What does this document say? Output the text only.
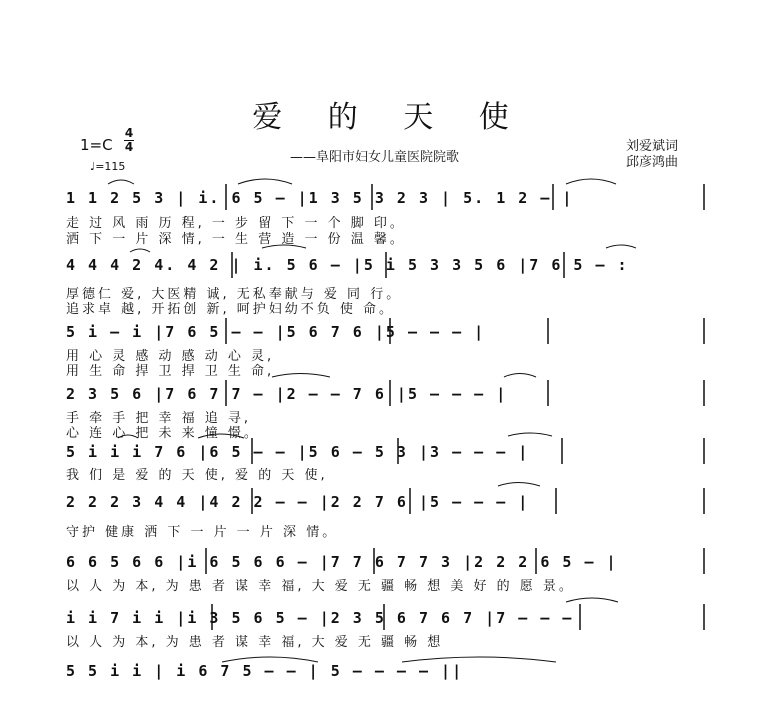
爱 的 天 使
——阜阳市妇女儿童医院院歌
1=C
4
4
♩=115
刘爱斌词
邱彦鸿曲
1 1 2 5 3 | i. 6 5 – |1 3 5 3 2 3 | 5. 1 2 – |
走 过 风 雨 历 程, 一 步 留 下 一 个 脚 印。
洒 下 一 片 深 情, 一 生 营 造 一 份 温 馨。
4 4 4 2 4. 4 2 | i. 5 6 – |5 i 5 3 3 5 6 |7 6 5 – :
厚德仁 爱, 大医精 诚, 无私奉献与 爱 同 行。
追求卓 越, 开拓创 新, 呵护妇幼不负 使 命。
5 i – i |7 6 5 – – |5 6 7 6 |5 – – – |
用 心 灵 感 动 感 动 心 灵,
用 生 命 捍 卫 捍 卫 生 命,
2 3 5 6 |7 6 7 7 – |2 – – 7 6 |5 – – – |
手 牵 手 把 幸 福 追 寻,
心 连 心 把 未 来 憧 憬。
5 i i i 7 6 |6 5 – – |5 6 – 5 3 |3 – – – |
我 们 是 爱 的 天 使, 爱 的 天 使,
2 2 2 3 4 4 |4 2 2 – – |2 2 7 6 |5 – – – |
守护 健康 洒 下 一 片 一 片 深 情。
6 6 5 6 6 |i 6 5 6 6 – |7 7 6 7 7 3 |2 2 2 6 5 – |
以 人 为 本, 为 患 者 谋 幸 福, 大 爱 无 疆 畅 想 美 好 的 愿 景。
i i 7 i i |i 3 5 6 5 – |2 3 5 6 7 6 7 |7 – – –
以 人 为 本, 为 患 者 谋 幸 福, 大 爱 无 疆 畅 想
5 5 i i | i 6 7 5 – – | 5 – – – – ||
